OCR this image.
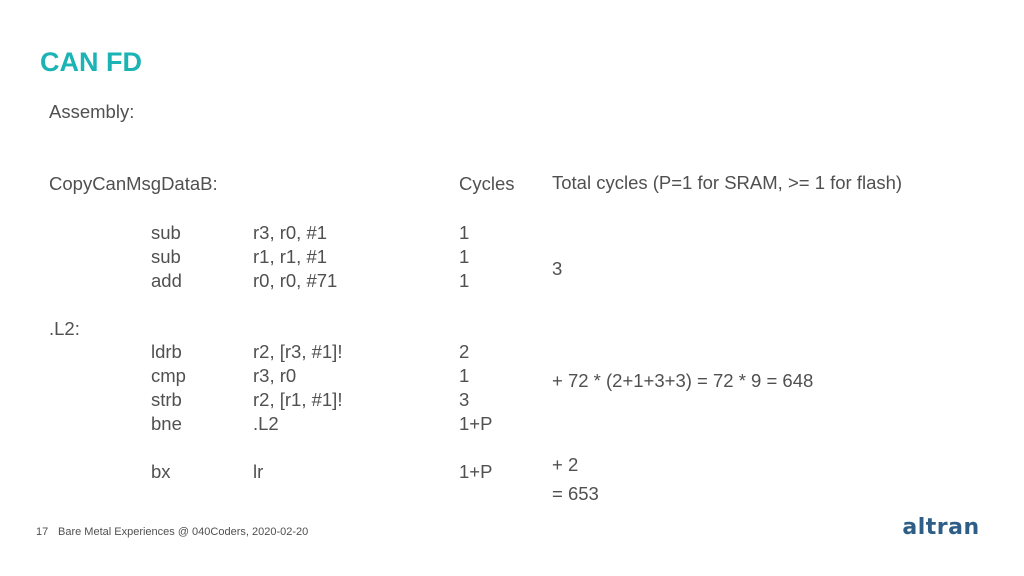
CAN FD
Assembly:
CopyCanMsgDataB:	Cycles Total cycles (P=1 for SRAM, >= 1 for flash)
sub	r3, r0, #1	1
sub	r1, r1, #1	1
add	r0, r0, #71	1
3
.L2:
ldrb	r2, [r3, #1]!	2
cmp	r3, r0	1
strb	r2, [r1, #1]!	3
bne	.L2	1+P
+ 72 * (2+1+3+3) = 72 * 9 = 648
bx	lr	1+P	+ 2
= 653
17 Bare Metal Experiences @ 040Coders, 2020-02-20	altran
